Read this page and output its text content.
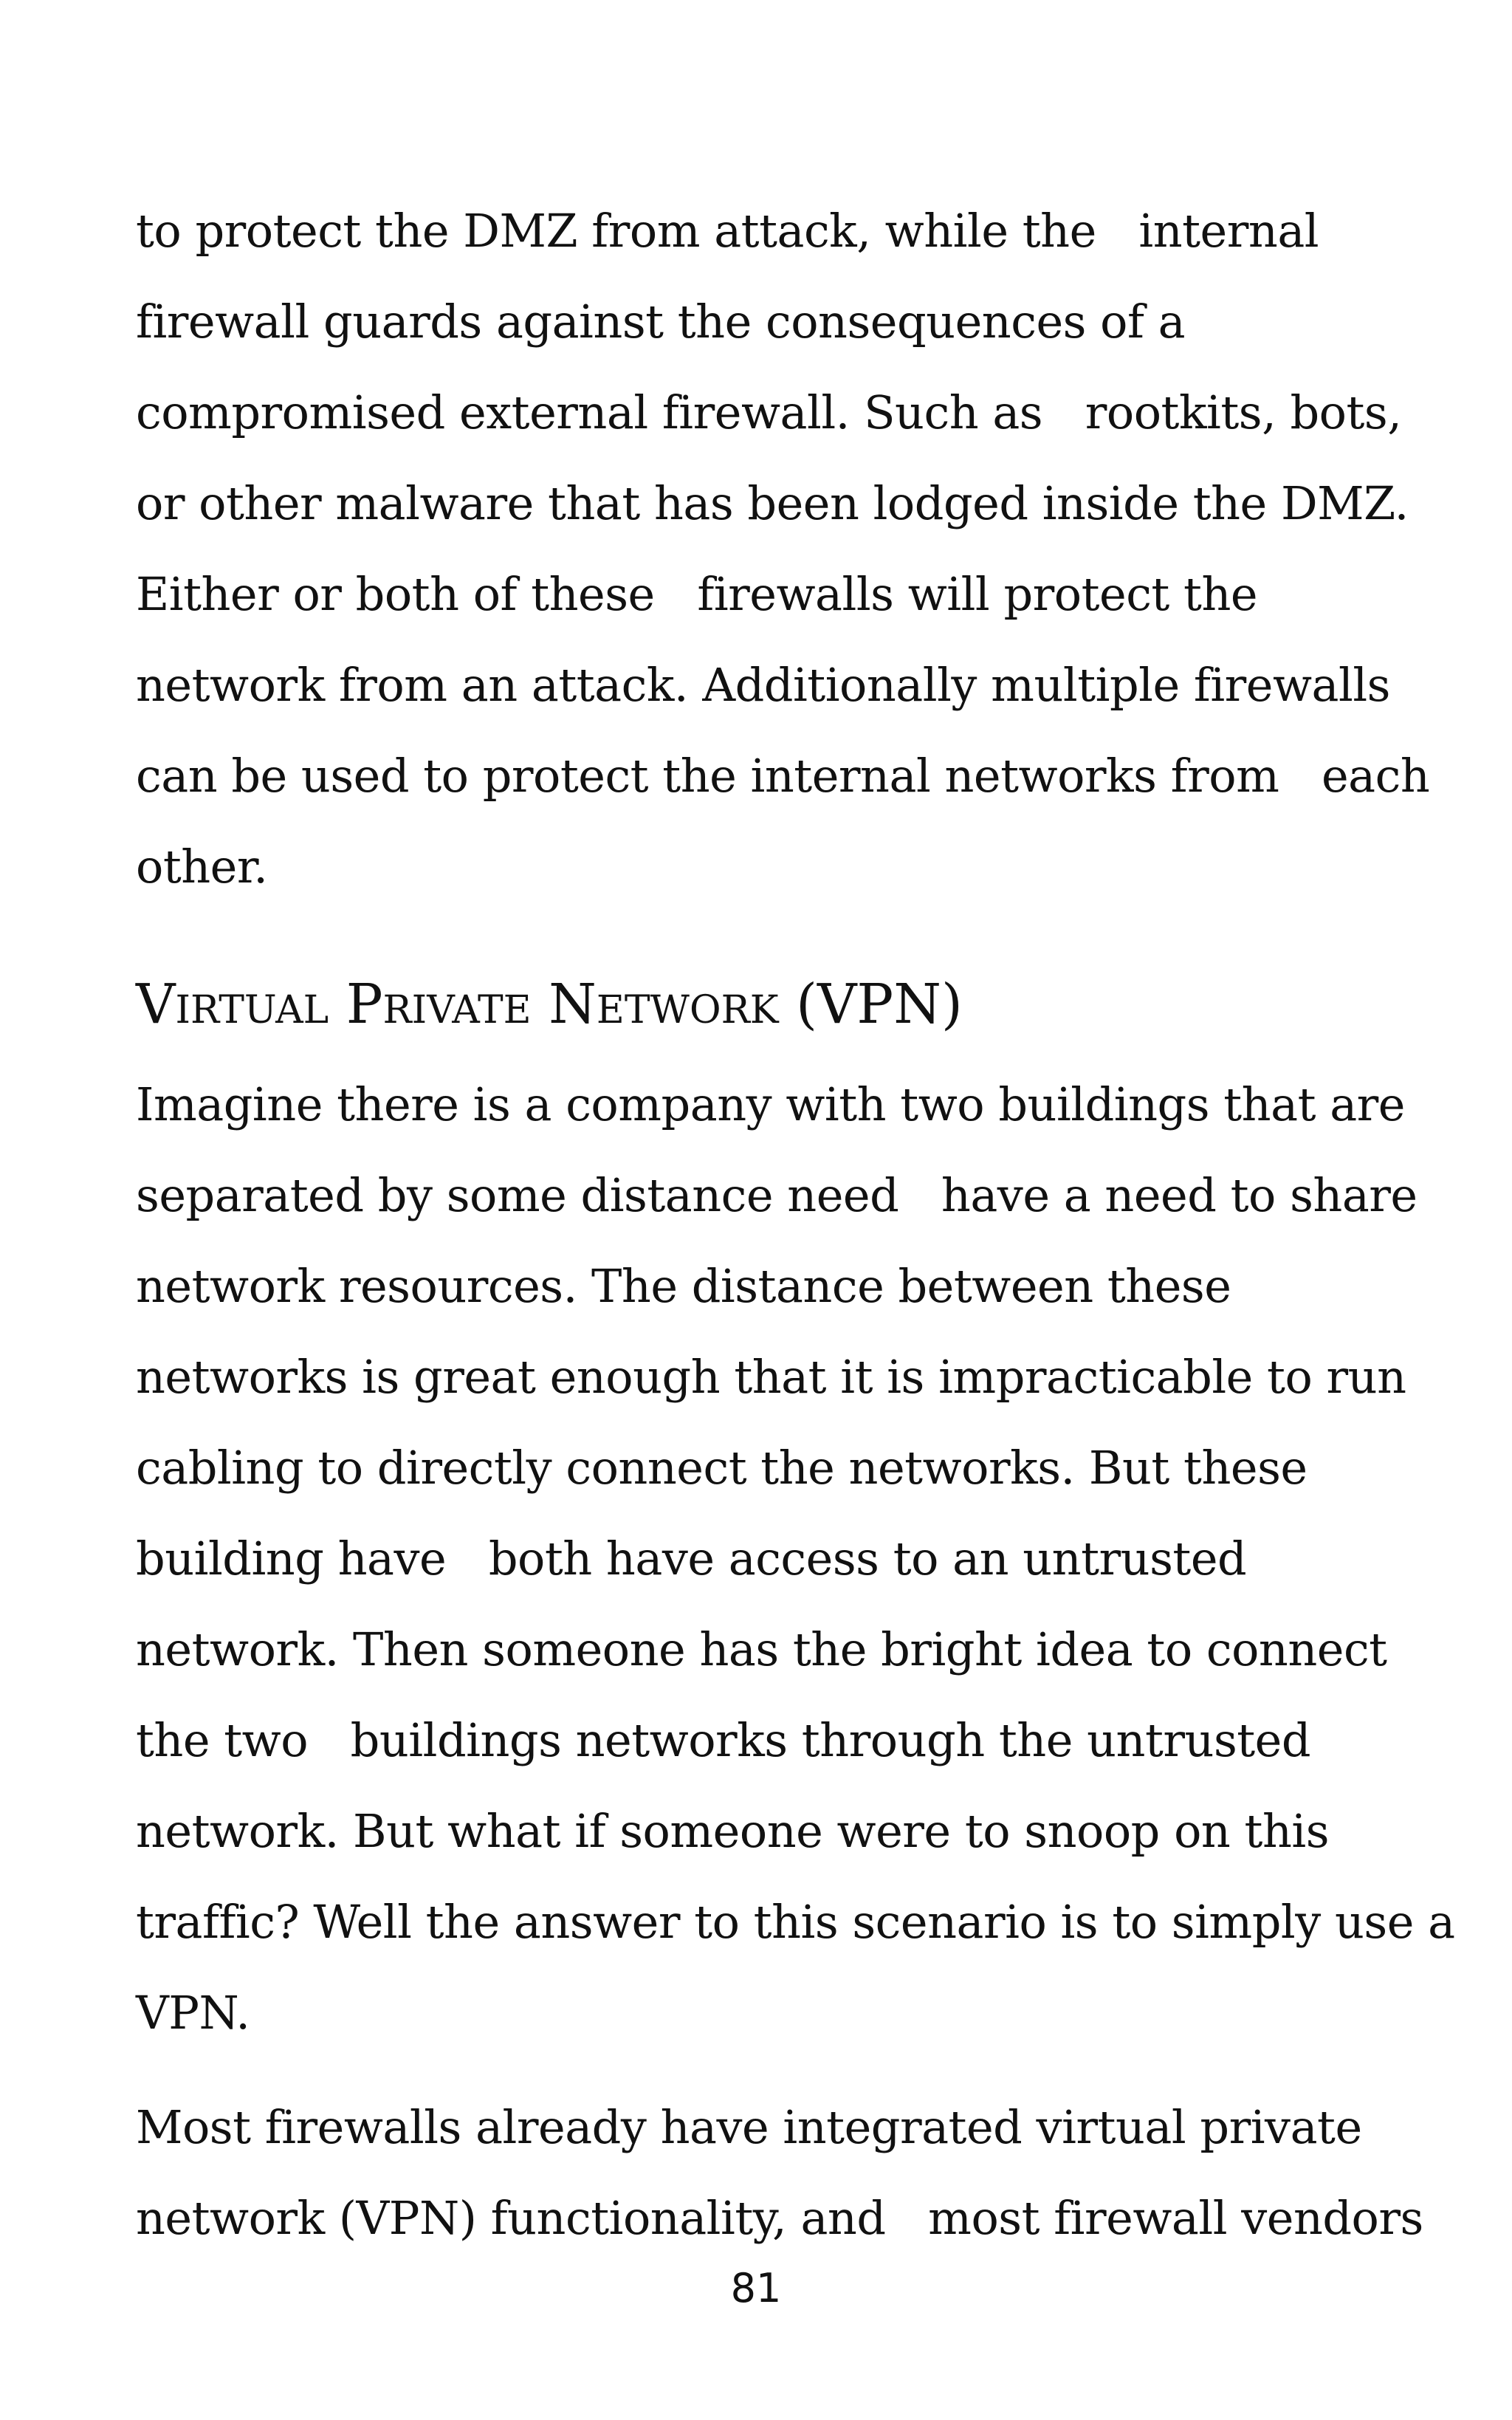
to protect the DMZ from attack, while the   internal
firewall guards against the consequences of a
compromised external firewall. Such as   rootkits, bots,
or other malware that has been lodged inside the DMZ.
Either or both of these   firewalls will protect the
network from an attack. Additionally multiple firewalls
can be used to protect the internal networks from   each
other.
Virtual Private Network (VPN)
Imagine there is a company with two buildings that are
separated by some distance need   have a need to share
network resources. The distance between these
networks is great enough that it is impracticable to run
cabling to directly connect the networks. But these
building have   both have access to an untrusted
network. Then someone has the bright idea to connect
the two   buildings networks through the untrusted
network. But what if someone were to snoop on this
traffic? Well the answer to this scenario is to simply use a
VPN.
Most firewalls already have integrated virtual private
network (VPN) functionality, and   most firewall vendors
81
